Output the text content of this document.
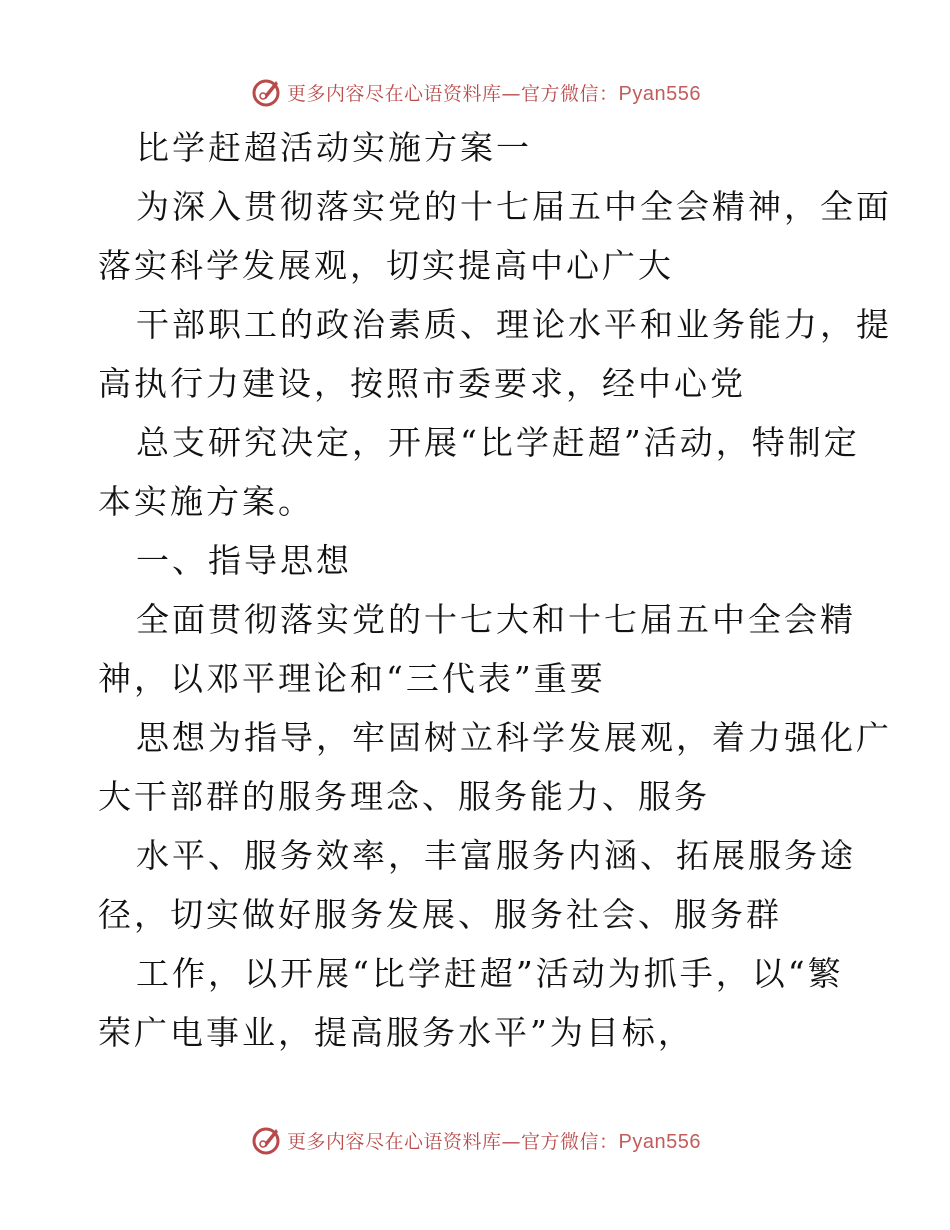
更多内容尽在心语资料库—官方微信：Pyan556
比学赶超活动实施方案一
为深入贯彻落实党的十七届五中全会精神，全面
落实科学发展观，切实提高中心广大
干部职工的政治素质、理论水平和业务能力，提
高执行力建设，按照市委要求，经中心党
总支研究决定，开展“比学赶超”活动，特制定
本实施方案。
一、指导思想
全面贯彻落实党的十七大和十七届五中全会精
神，以邓平理论和“三代表”重要
思想为指导，牢固树立科学发展观，着力强化广
大干部群的服务理念、服务能力、服务
水平、服务效率，丰富服务内涵、拓展服务途
径，切实做好服务发展、服务社会、服务群
工作，以开展“比学赶超”活动为抓手，以“繁
荣广电事业，提高服务水平”为目标，
更多内容尽在心语资料库—官方微信：Pyan556
